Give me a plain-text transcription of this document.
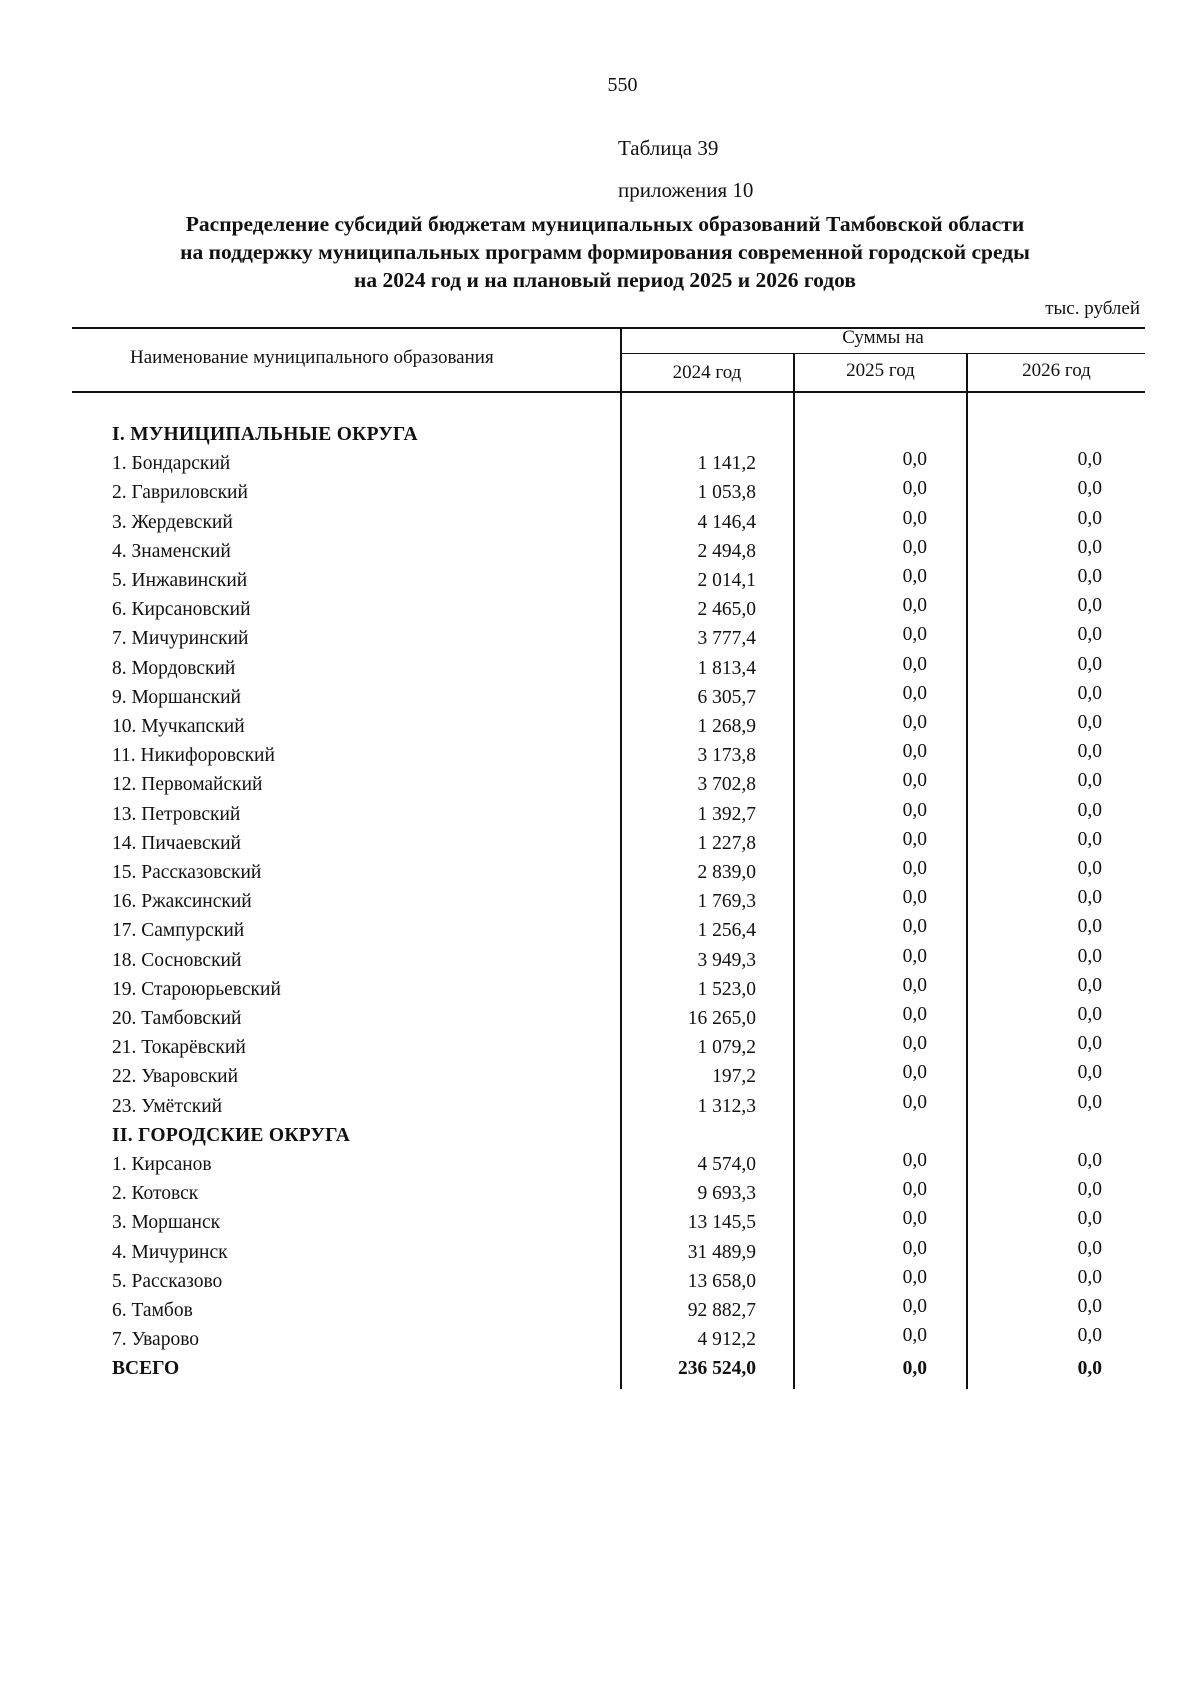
550
Таблица 39
приложения 10
Распределение субсидий бюджетам муниципальных образований Тамбовской области
на поддержку муниципальных программ формирования современной городской среды
на 2024 год и на плановый период 2025 и 2026 годов
тыс. рублей
Наименование муниципального образования
Суммы на
2024 год	2025 год	2026 год
I. МУНИЦИПАЛЬНЫЕ ОКРУГА
1. Бондарский	1 141,2	0,0	0,0
2. Гавриловский	1 053,8	0,0	0,0
3. Жердевский	4 146,4	0,0	0,0
4. Знаменский	2 494,8	0,0	0,0
5. Инжавинский	2 014,1	0,0	0,0
6. Кирсановский	2 465,0	0,0	0,0
7. Мичуринский	3 777,4	0,0	0,0
8. Мордовский	1 813,4	0,0	0,0
9. Моршанский	6 305,7	0,0	0,0
10. Мучкапский	1 268,9	0,0	0,0
11. Никифоровский	3 173,8	0,0	0,0
12. Первомайский	3 702,8	0,0	0,0
13. Петровский	1 392,7	0,0	0,0
14. Пичаевский	1 227,8	0,0	0,0
15. Рассказовский	2 839,0	0,0	0,0
16. Ржаксинский	1 769,3	0,0	0,0
17. Сампурский	1 256,4	0,0	0,0
18. Сосновский	3 949,3	0,0	0,0
19. Староюрьевский	1 523,0	0,0	0,0
20. Тамбовский	16 265,0	0,0	0,0
21. Токарёвский	1 079,2	0,0	0,0
22. Уваровский	197,2	0,0	0,0
23. Умётский	1 312,3	0,0	0,0
II. ГОРОДСКИЕ ОКРУГА
1. Кирсанов	4 574,0	0,0	0,0
2. Котовск	9 693,3	0,0	0,0
3. Моршанск	13 145,5	0,0	0,0
4. Мичуринск	31 489,9	0,0	0,0
5. Рассказово	13 658,0	0,0	0,0
6. Тамбов	92 882,7	0,0	0,0
7. Уварово	4 912,2	0,0	0,0
ВСЕГО	236 524,0	0,0	0,0
